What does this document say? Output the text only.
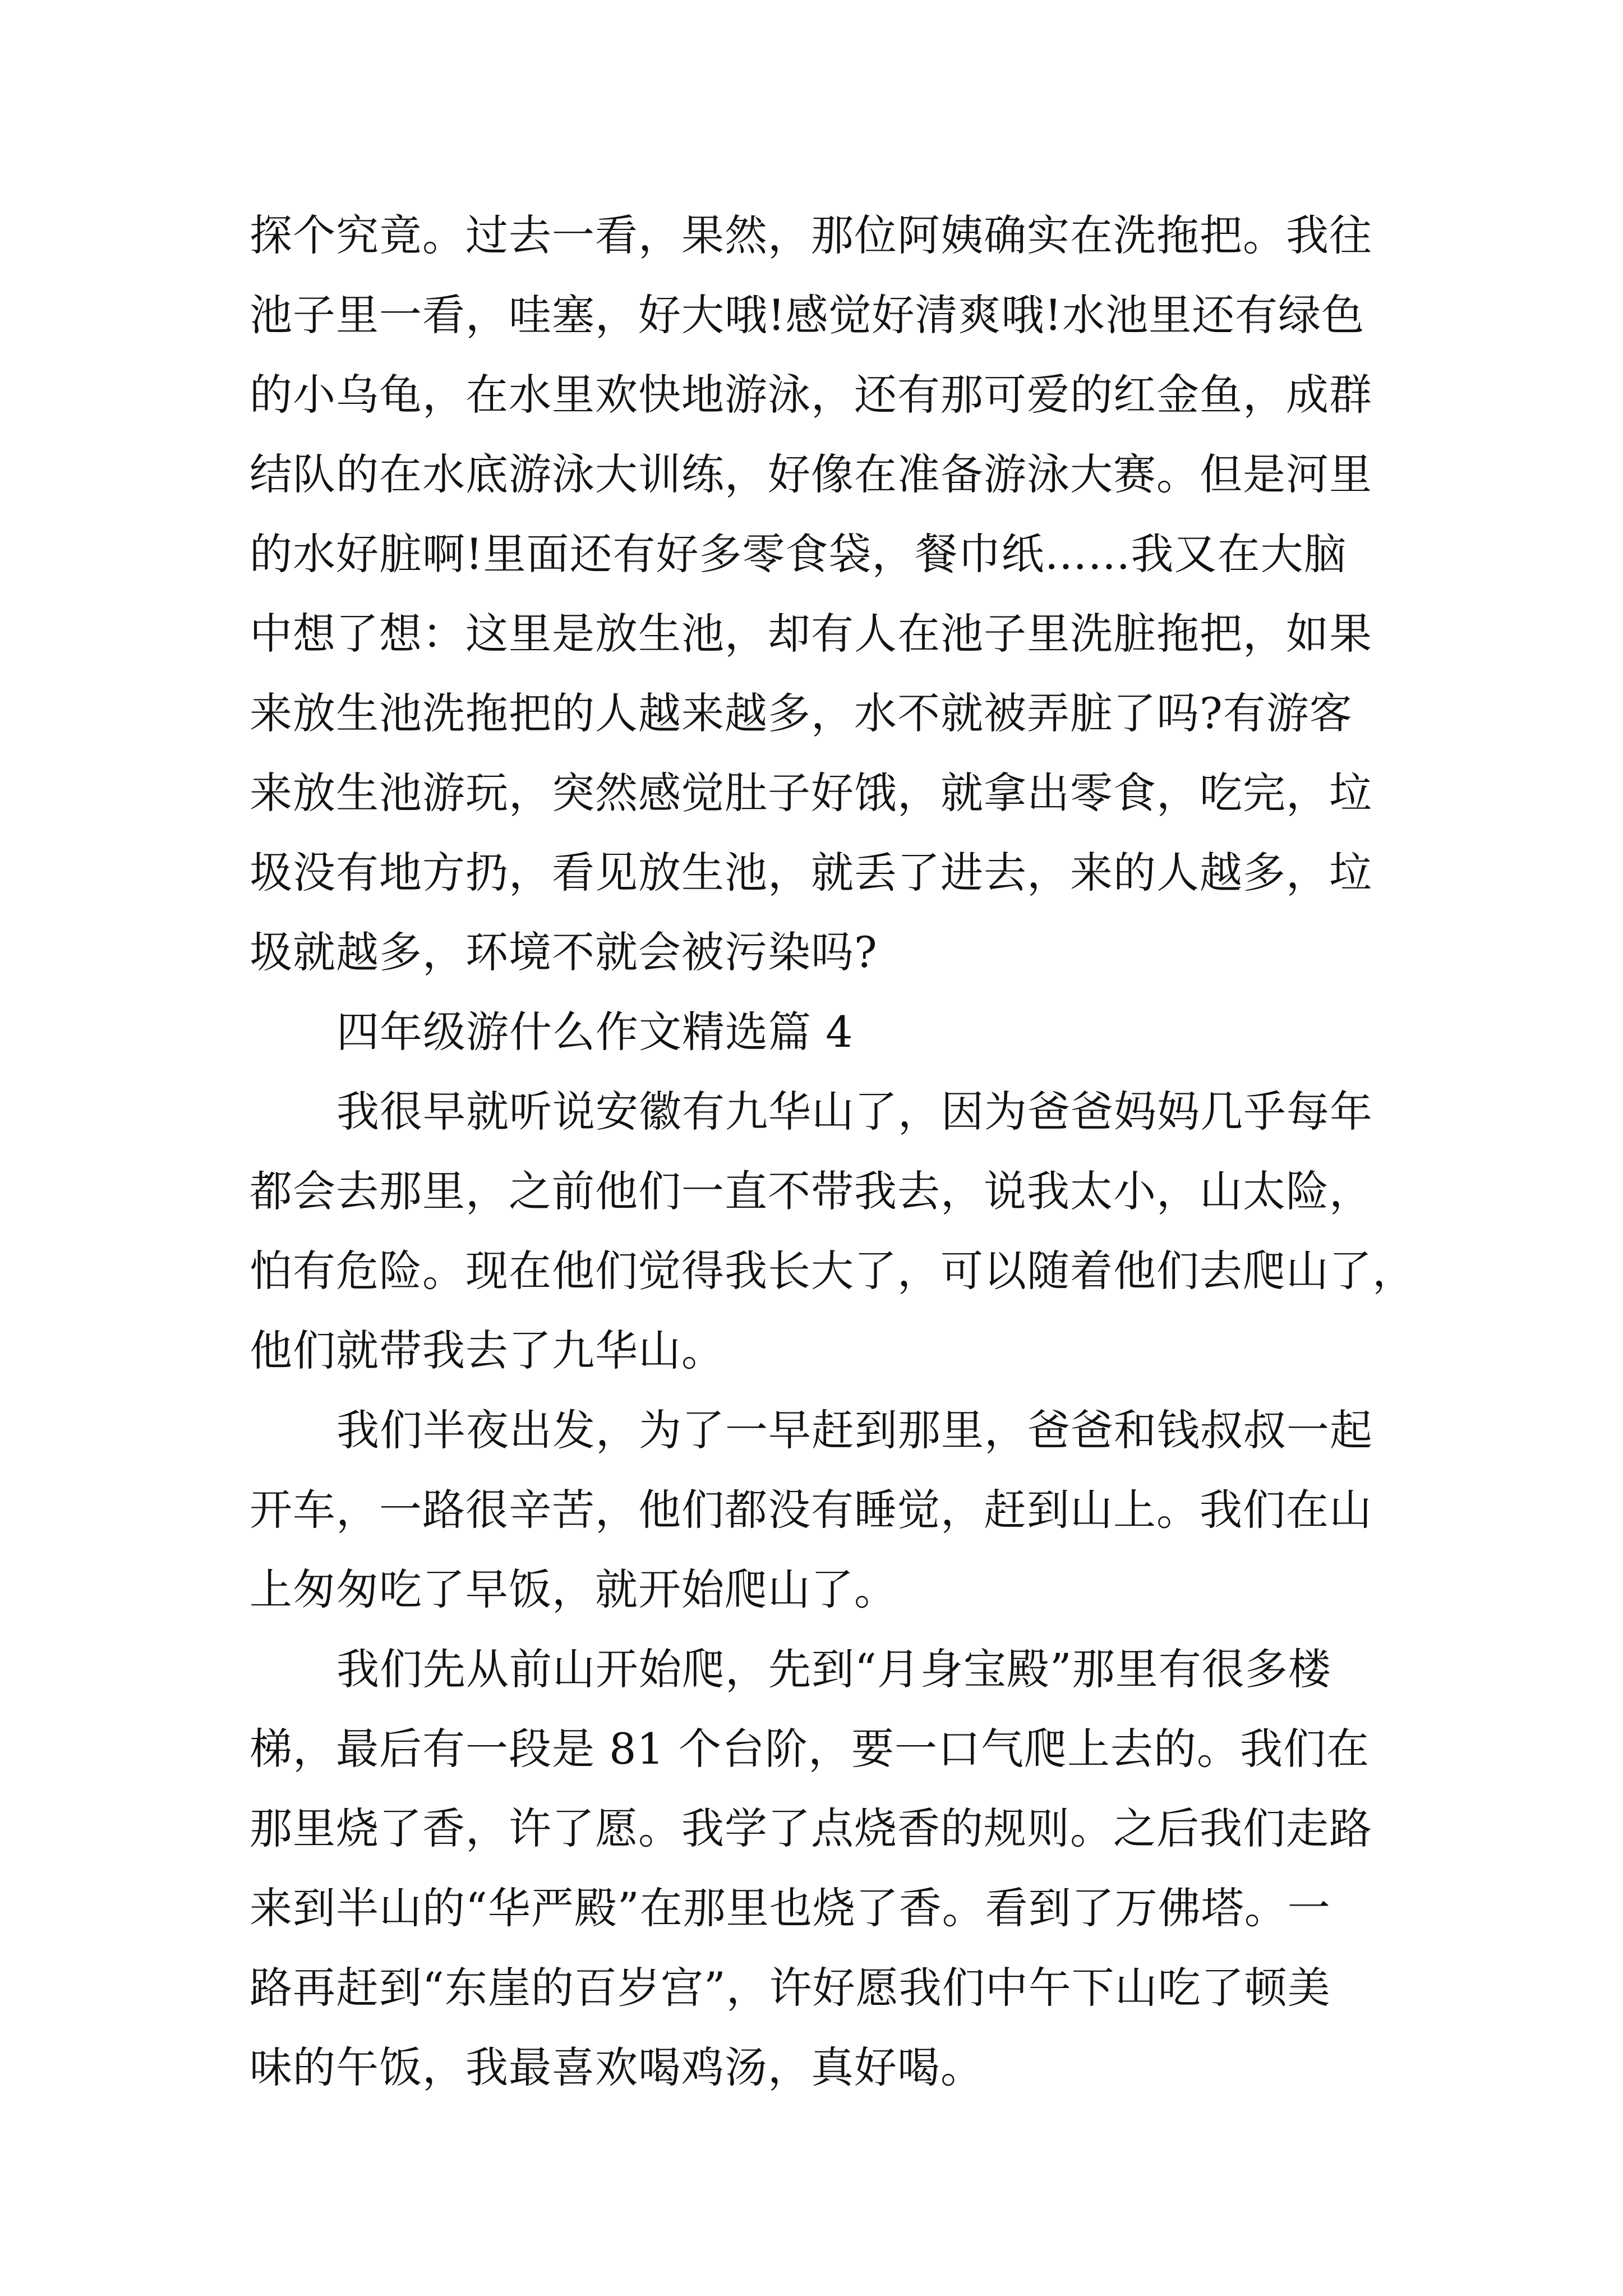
探个究竟。过去一看，果然，那位阿姨确实在洗拖把。我往
池子里一看，哇塞，好大哦!感觉好清爽哦!水池里还有绿色
的小乌龟，在水里欢快地游泳，还有那可爱的红金鱼，成群
结队的在水底游泳大训练，好像在准备游泳大赛。但是河里
的水好脏啊!里面还有好多零食袋，餐巾纸……我又在大脑
中想了想：这里是放生池，却有人在池子里洗脏拖把，如果
来放生池洗拖把的人越来越多，水不就被弄脏了吗?有游客
来放生池游玩，突然感觉肚子好饿，就拿出零食，吃完，垃
圾没有地方扔，看见放生池，就丢了进去，来的人越多，垃
圾就越多，环境不就会被污染吗?
四年级游什么作文精选篇 4
我很早就听说安徽有九华山了，因为爸爸妈妈几乎每年
都会去那里，之前他们一直不带我去，说我太小，山太险，
怕有危险。现在他们觉得我长大了，可以随着他们去爬山了，
他们就带我去了九华山。
我们半夜出发，为了一早赶到那里，爸爸和钱叔叔一起
开车，一路很辛苦，他们都没有睡觉，赶到山上。我们在山
上匆匆吃了早饭，就开始爬山了。
我们先从前山开始爬，先到“月身宝殿”那里有很多楼
梯，最后有一段是 81 个台阶，要一口气爬上去的。我们在
那里烧了香，许了愿。我学了点烧香的规则。之后我们走路
来到半山的“华严殿”在那里也烧了香。看到了万佛塔。一
路再赶到“东崖的百岁宫”，许好愿我们中午下山吃了顿美
味的午饭，我最喜欢喝鸡汤，真好喝。
